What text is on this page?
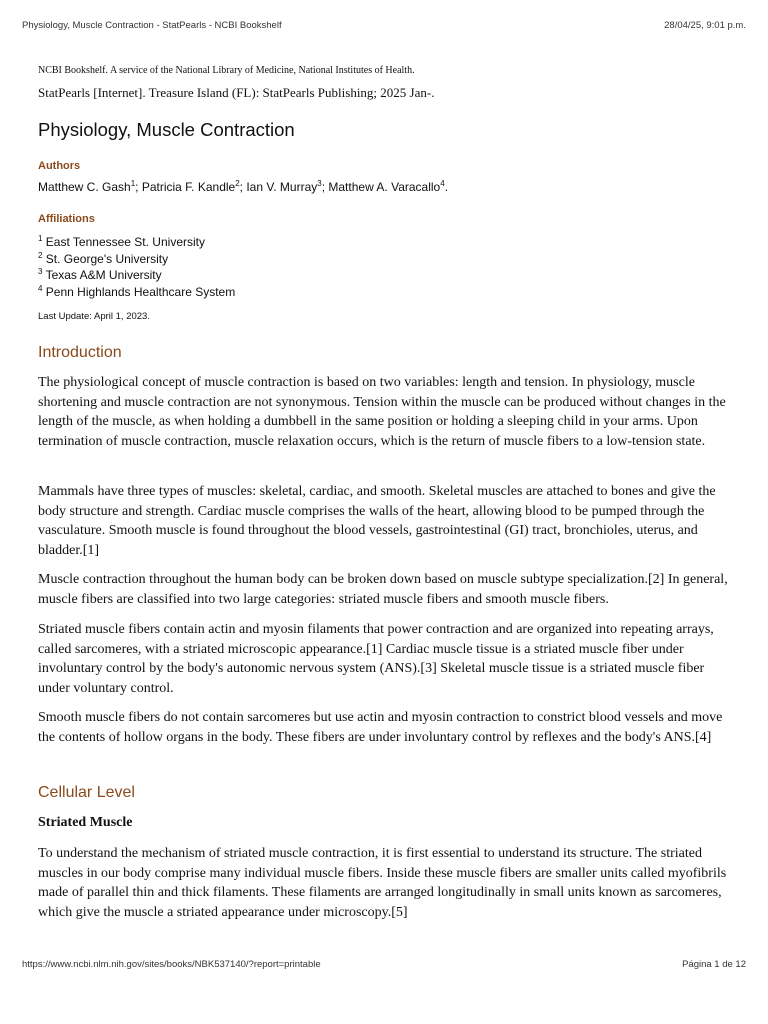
Physiology, Muscle Contraction - StatPearls - NCBI Bookshelf	28/04/25, 9:01 p.m.
NCBI Bookshelf. A service of the National Library of Medicine, National Institutes of Health.
StatPearls [Internet]. Treasure Island (FL): StatPearls Publishing; 2025 Jan-.
Physiology, Muscle Contraction
Authors
Matthew C. Gash$^1$; Patricia F. Kandle$^2$; Ian V. Murray$^3$; Matthew A. Varacallo$^4$.
Affiliations
$^1$ East Tennessee St. University
$^2$ St. George's University
$^3$ Texas A&M University
$^4$ Penn Highlands Healthcare System
Last Update: April 1, 2023.
Introduction

The physiological concept of muscle contraction is based on two variables: length and tension. In physiology, muscle shortening and muscle contraction are not synonymous. Tension within the muscle can be produced without changes in the length of the muscle, as when holding a dumbbell in the same position or holding a sleeping child in your arms. Upon termination of muscle contraction, muscle relaxation occurs, which is the return of muscle fibers to a low-tension state.

Mammals have three types of muscles: skeletal, cardiac, and smooth. Skeletal muscles are attached to bones and give the body structure and strength. Cardiac muscle comprises the walls of the heart, allowing blood to be pumped through the vasculature. Smooth muscle is found throughout the blood vessels, gastrointestinal (GI) tract, bronchioles, uterus, and bladder.[1]

Muscle contraction throughout the human body can be broken down based on muscle subtype specialization.[2] In general, muscle fibers are classified into two large categories: striated muscle fibers and smooth muscle fibers.

Striated muscle fibers contain actin and myosin filaments that power contraction and are organized into repeating arrays, called sarcomeres, with a striated microscopic appearance.[1] Cardiac muscle tissue is a striated muscle fiber under involuntary control by the body's autonomic nervous system (ANS).[3] Skeletal muscle tissue is a striated muscle fiber under voluntary control.

Smooth muscle fibers do not contain sarcomeres but use actin and myosin contraction to constrict blood vessels and move the contents of hollow organs in the body. These fibers are under involuntary control by reflexes and the body's ANS.[4]

Cellular Level
Striated Muscle

To understand the mechanism of striated muscle contraction, it is first essential to understand its structure. The striated muscles in our body comprise many individual muscle fibers. Inside these muscle fibers are smaller units called myofibrils made of parallel thin and thick filaments. These filaments are arranged longitudinally in small units known as sarcomeres, which give the muscle a striated appearance under microscopy.[5]

https://www.ncbi.nlm.nih.gov/sites/books/NBK537140/?report=printable	Página 1 de 12
